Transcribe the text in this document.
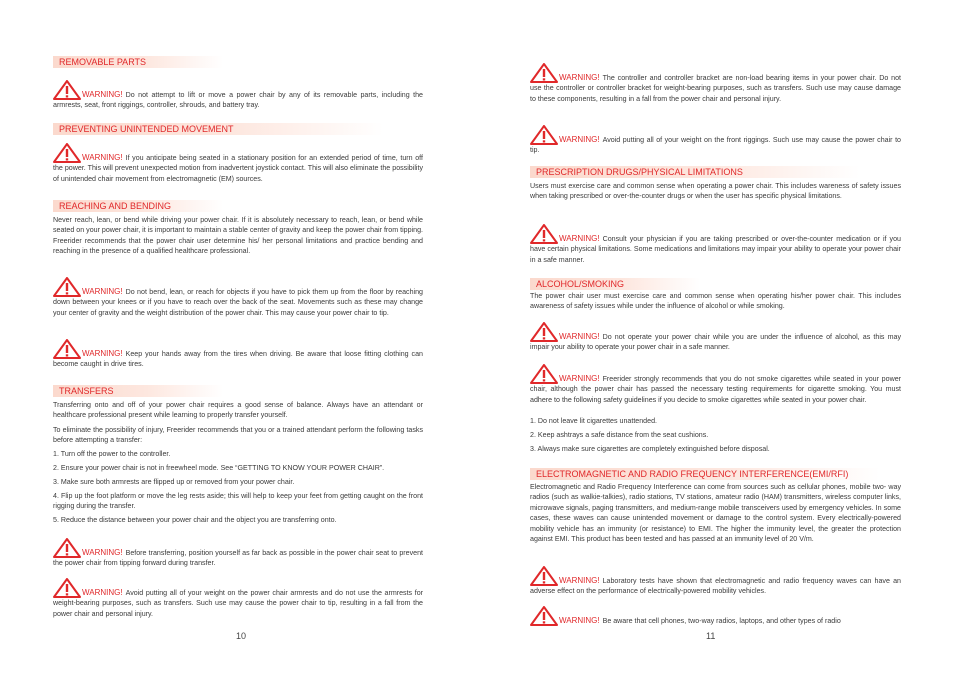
REMOVABLE PARTS

WARNING! Do not attempt to lift or move a power chair by any of its removable parts, including the armrests, seat, front riggings, controller, shrouds, and battery tray.

PREVENTING UNINTENDED MOVEMENT

WARNING! If you anticipate being seated in a stationary position for an extended period of time, turn off the power. This will prevent unexpected motion from inadvertent joystick contact. This will also eliminate the possibility of unintended chair movement from electromagnetic (EM) sources.

REACHING AND BENDING

Never reach, lean, or bend while driving your power chair. If it is absolutely necessary to reach, lean, or bend while seated on your power chair, it is important to maintain a stable center of gravity and keep the power chair from tipping. Freerider recommends that the power chair user determine his/ her personal limitations and practice bending and reaching in the presence of a qualified healthcare professional.

WARNING! Do not bend, lean, or reach for objects if you have to pick them up from the floor by reaching down between your knees or if you have to reach over the back of the seat. Movements such as these may change your center of gravity and the weight distribution of the power chair. This may cause your power chair to tip.

WARNING! Keep your hands away from the tires when driving. Be aware that loose fitting clothing can become caught in drive tires.

TRANSFERS

Transferring onto and off of your power chair requires a good sense of balance. Always have an attendant or healthcare professional present while learning to properly transfer yourself.

To eliminate the possibility of injury, Freerider recommends that you or a trained attendant perform the following tasks before attempting a transfer:

1. Turn off the power to the controller.

2. Ensure your power chair is not in freewheel mode. See “GETTING TO KNOW YOUR POWER CHAIR”.

3. Make sure both armrests are flipped up or removed from your power chair.

4. Flip up the foot platform or move the leg rests aside; this will help to keep your feet from getting caught on the front rigging during the transfer.

5. Reduce the distance between your power chair and the object you are transferring onto.

WARNING! Before transferring, position yourself as far back as possible in the power chair seat to prevent the power chair from tipping forward during transfer.

WARNING! Avoid putting all of your weight on the power chair armrests and do not use the armrests for weight-bearing purposes, such as transfers. Such use may cause the power chair to tip, resulting in a fall from the power chair and personal injury.

10

WARNING! The controller and controller bracket are non-load bearing items in your power chair. Do not use the controller or controller bracket for weight-bearing purposes, such as transfers. Such use may cause damage to these components, resulting in a fall from the power chair and personal injury.

WARNING! Avoid putting all of your weight on the front riggings. Such use may cause the power chair to tip.

PRESCRIPTION DRUGS/PHYSICAL LIMITATIONS

Users must exercise care and common sense when operating a power chair. This includes wareness of safety issues when taking prescribed or over-the-counter drugs or when the user has specific physical limitations.

WARNING! Consult your physician if you are taking prescribed or over-the-counter medication or if you have certain physical limitations. Some medications and limitations may impair your ability to operate your power chair in a safe manner.

ALCOHOL/SMOKING

The power chair user must exercise care and common sense when operating his/her power chair. This includes awareness of safety issues while under the influence of alcohol or while smoking.

WARNING! Do not operate your power chair while you are under the influence of alcohol, as this may impair your ability to operate your power chair in a safe manner.

WARNING! Freerider strongly recommends that you do not smoke cigarettes while seated in your power chair, although the power chair has passed the necessary testing requirements for cigarette smoking. You must adhere to the following safety guidelines if you decide to smoke cigarettes while seated in your power chair.

1. Do not leave lit cigarettes unattended.

2. Keep ashtrays a safe distance from the seat cushions.

3. Always make sure cigarettes are completely extinguished before disposal.

ELECTROMAGNETIC AND RADIO FREQUENCY INTERFERENCE(EMI/RFI)

Electromagnetic and Radio Frequency Interference can come from sources such as cellular phones, mobile two- way radios (such as walkie-talkies), radio stations, TV stations, amateur radio (HAM) transmitters, wireless computer links, microwave signals, paging transmitters, and medium-range mobile transceivers used by emergency vehicles. In some cases, these waves can cause unintended movement or damage to the control system. Every electrically-powered mobility vehicle has an immunity (or resistance) to EMI. The higher the immunity level, the greater the protection against EMI. This product has been tested and has passed at an immunity level of 20 V/m.

WARNING! Laboratory tests have shown that electromagnetic and radio frequency waves can have an adverse effect on the performance of electrically-powered mobility vehicles.

WARNING! Be aware that cell phones, two-way radios, laptops, and other types of radio

11
